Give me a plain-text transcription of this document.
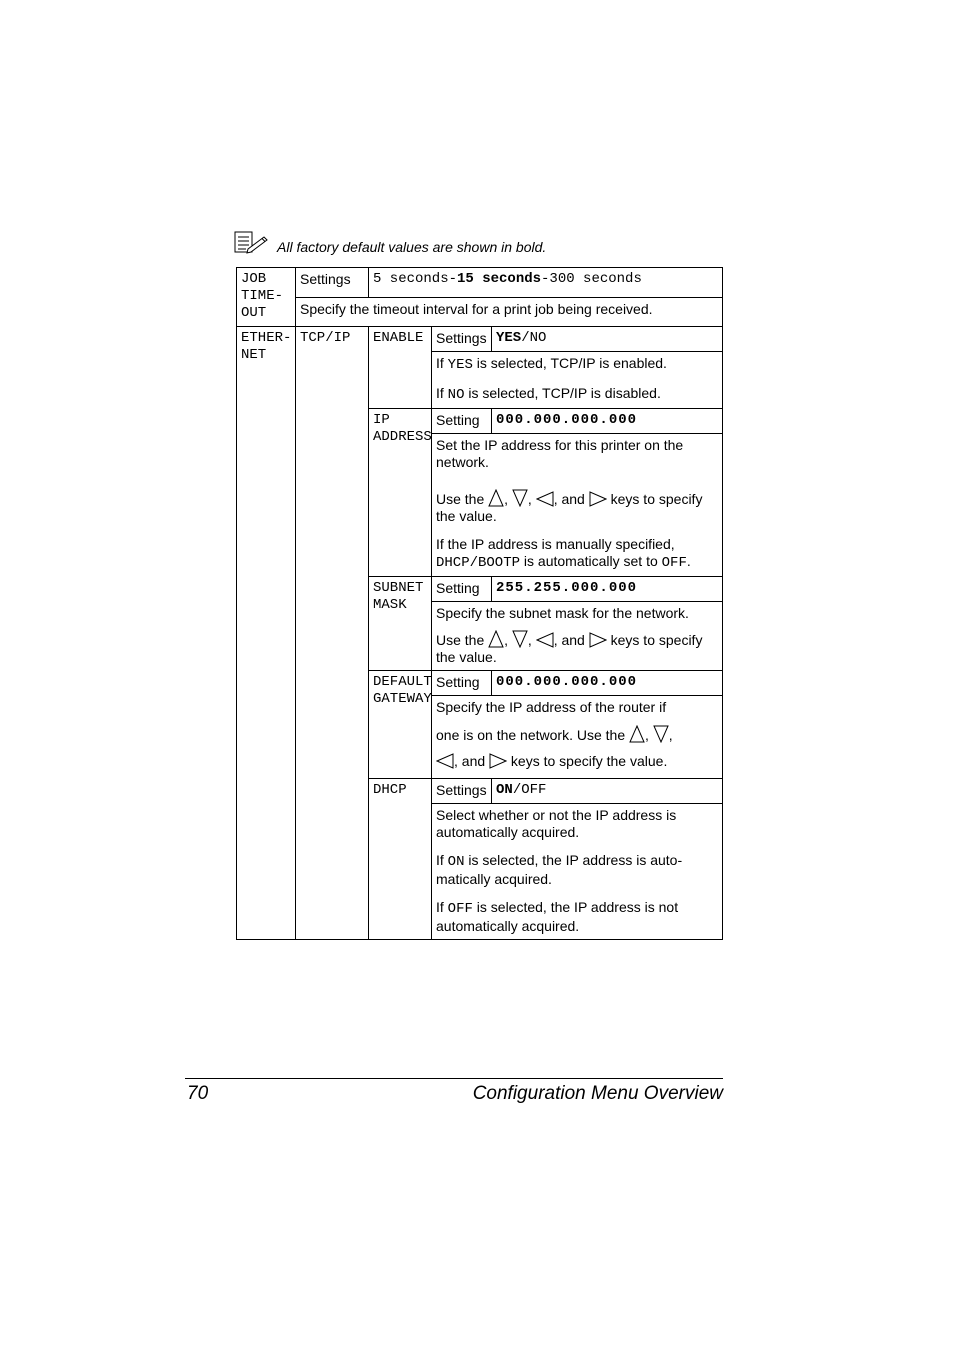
All factory default values are shown in bold.
JOB TIME-OUT	Settings	5 seconds-15 seconds-300 seconds		
	Specify the timeout interval for a print job being received.			
ETHER-NET	TCP/IP	ENABLE	Settings	YES/NO

			If YES is selected, TCP/IP is enabled.
If NO is selected, TCP/IP is disabled.	

		IP ADDRESS	Setting	000.000.000.000

			Set the IP address for this printer on the network.
Use the , , , and keys to specify the value.
If the IP address is manually specified, DHCP/BOOTP is automatically set to OFF.	

		SUBNET MASK	Setting	255.255.000.000

			Specify the subnet mask for the network.
Use the , , , and keys to specify the value.	

		DEFAULT GATEWAY	Setting	000.000.000.000

			Specify the IP address of the router if
one is on the network. Use the , ,
, and keys to specify the value.	

		DHCP	Settings	ON/OFF

			Select whether or not the IP address is automatically acquired.
If ON is selected, the IP address is auto-matically acquired.
If OFF is selected, the IP address is not automatically acquired.	
70	Configuration Menu Overview
